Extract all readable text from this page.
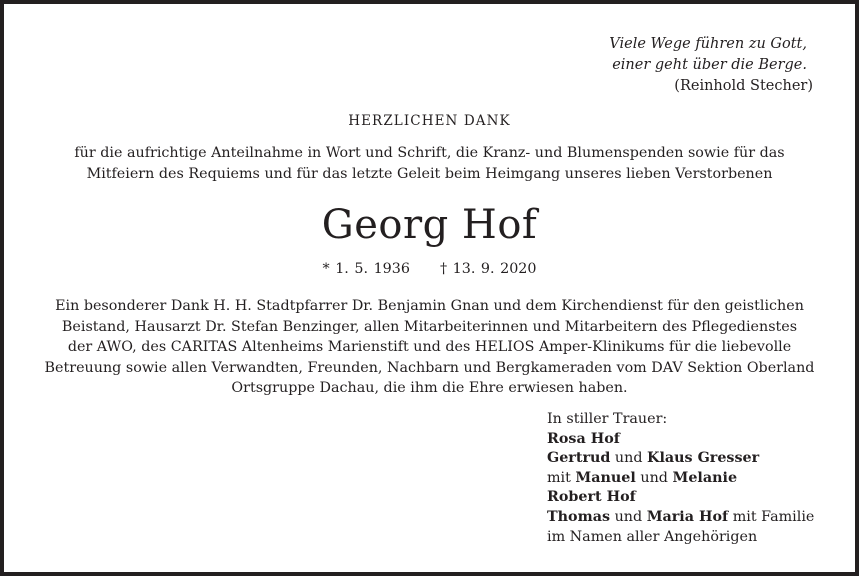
Viele Wege führen zu Gott,
einer geht über die Berge.
(Reinhold Stecher)
HERZLICHEN DANK
für die aufrichtige Anteilnahme in Wort und Schrift, die Kranz- und Blumenspenden sowie für das
Mitfeiern des Requiems und für das letzte Geleit beim Heimgang unseres lieben Verstorbenen
Georg Hof
* 1. 5. 1936 † 13. 9. 2020
Ein besonderer Dank H. H. Stadtpfarrer Dr. Benjamin Gnan und dem Kirchendienst für den geistlichen
Beistand, Hausarzt Dr. Stefan Benzinger, allen Mitarbeiterinnen und Mitarbeitern des Pflegedienstes
der AWO, des CARITAS Altenheims Marienstift und des HELIOS Amper-Klinikums für die liebevolle
Betreuung sowie allen Verwandten, Freunden, Nachbarn und Bergkameraden vom DAV Sektion Oberland
Ortsgruppe Dachau, die ihm die Ehre erwiesen haben.
In stiller Trauer:
Rosa Hof
Gertrud und Klaus Gresser
mit Manuel und Melanie
Robert Hof
Thomas und Maria Hof mit Familie
im Namen aller Angehörigen
